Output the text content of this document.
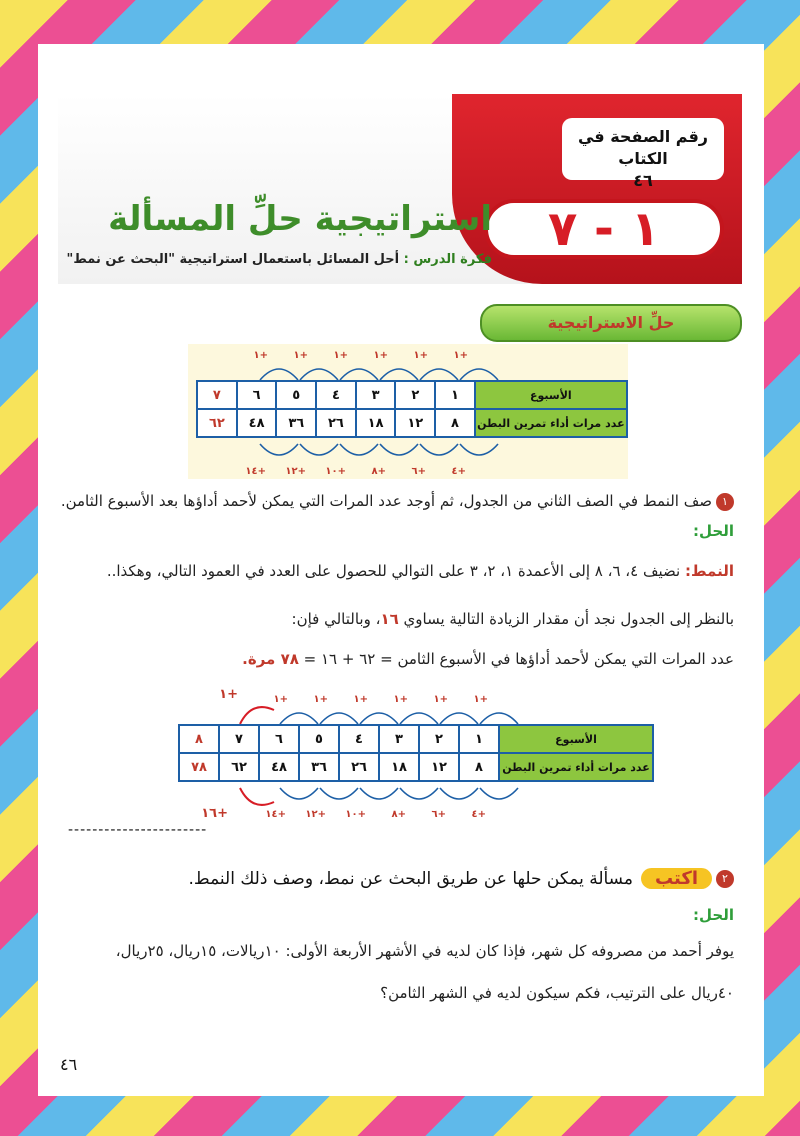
رقم الصفحة في الكتاب
٤٦
١ - ٧
استراتيجية حلِّ المسألة
فكرة الدرس : أحل المسائل باستعمال استراتيجية "البحث عن نمط"
حلِّ الاستراتيجية
+١	+١	+١	+١	+١	+١
+١٤ +١٢ +١٠	+٨	+٦	+٤
الأسبوع	١	٢	٣	٤	٥	٦	٧
عدد مرات أداء تمرين البطن	٨	١٢	١٨	٢٦	٣٦	٤٨	٦٢
١صف النمط في الصف الثاني من الجدول، ثم أوجد عدد المرات التي يمكن لأحمد أداؤها بعد الأسبوع الثامن.
الحل:
النمط: نضيف ٤، ٦، ٨ إلى الأعمدة ١، ٢، ٣ على التوالي للحصول على العدد في العمود التالي، وهكذا..
بالنظر إلى الجدول نجد أن مقدار الزيادة التالية يساوي ١٦، وبالتالي فإن:
عدد المرات التي يمكن لأحمد أداؤها في الأسبوع الثامن = ٦٢ + ١٦ = ٧٨ مرة.
+١	+١	+١	+١	+١	+١
+١
+١٤ +١٢ +١٠	+٨	+٦	+٤
+١٦
الأسبوع	١	٢	٣	٤	٥	٦	٧	٨
عدد مرات أداء تمرين البطن	٨	١٢	١٨	٢٦	٣٦	٤٨	٦٢	٧٨
-----------------------
٢اكتبمسألة يمكن حلها عن طريق البحث عن نمط، وصف ذلك النمط.
الحل:
يوفر أحمد من مصروفه كل شهر، فإذا كان لديه في الأشهر الأربعة الأولى: ١٠ريالات، ١٥ريال، ٢٥ريال،
٤٠ريال على الترتيب، فكم سيكون لديه في الشهر الثامن؟
٤٦
